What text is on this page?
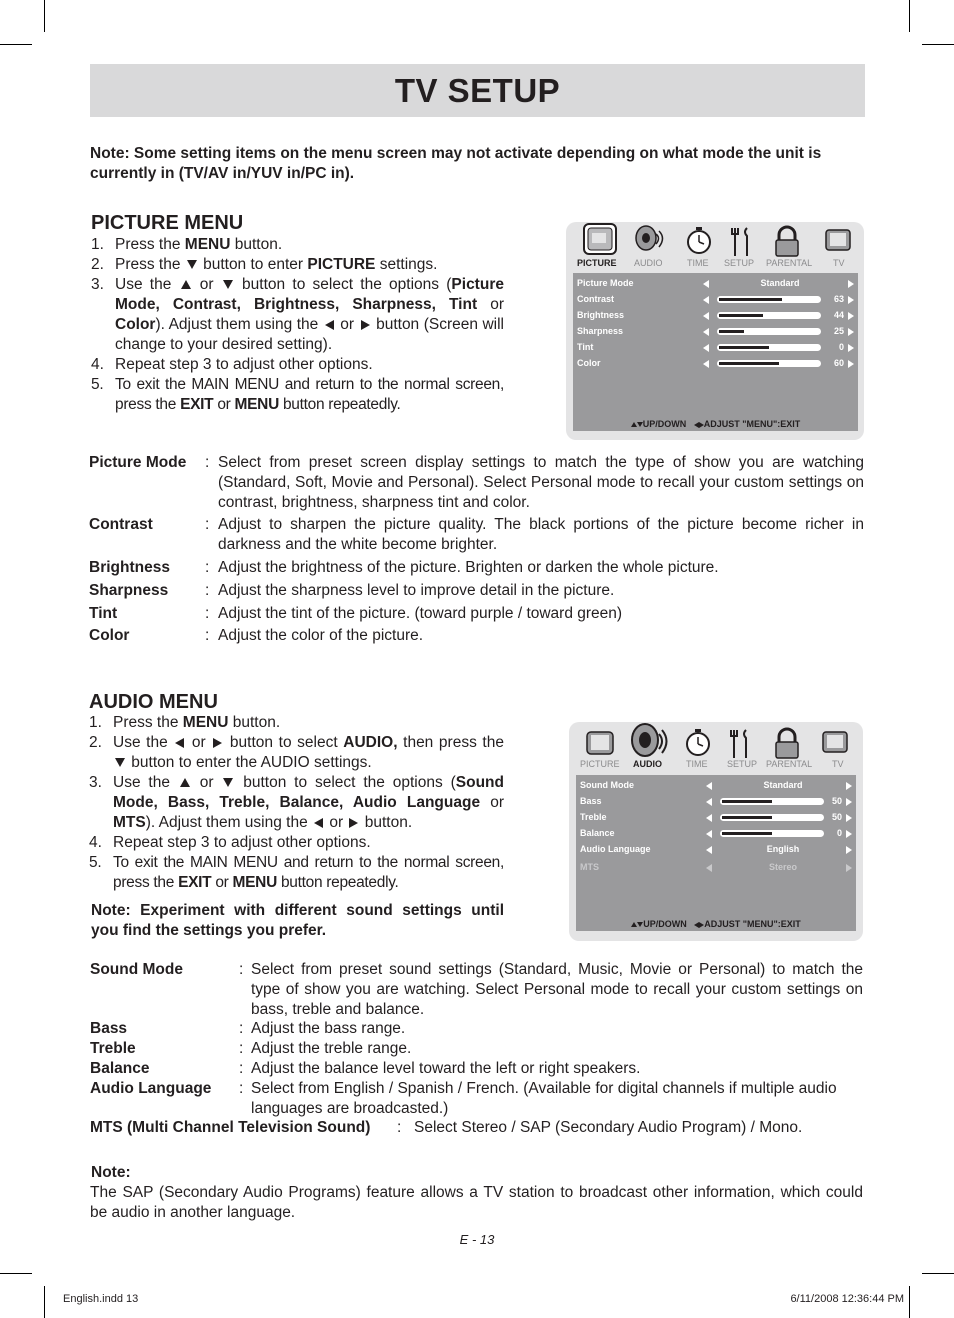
TV SETUP
Note: Some setting items on the menu screen may not activate depending on what mode the unit is currently in (TV/AV in/YUV in/PC in).
PICTURE MENU
1. Press the MENU button.
2. Press the  button to enter PICTURE settings.
3. Use the  or  button to select the options (Picture Mode, Contrast, Brightness, Sharpness, Tint or Color). Adjust them using the  or  button (Screen will change to your desired setting).
4. Repeat step 3 to adjust other options.
5. To exit the MAIN MENU and return to the normal screen, press the EXIT or MENU button repeatedly.
PICTURE AUDIO	TIME SETUP PARENTAL TV
Picture Mode	Standard
Contrast	63
Brightness	44
Sharpness	25
Tint	0
Color	60
UP/DOWN ADJUST "MENU":EXIT
Picture Mode : Select from preset screen display settings to match the type of show you are watching (Standard, Soft, Movie and Personal). Select Personal mode to recall your custom settings on contrast, brightness, sharpness tint and color.
Contrast	: Adjust to sharpen the picture quality. The black portions of the picture become richer in darkness and the white become brighter.
Brightness : Adjust the brightness of the picture. Brighten or darken the whole picture.
Sharpness : Adjust the sharpness level to improve detail in the picture.
Tint	: Adjust the tint of the picture. (toward purple / toward green)
Color	: Adjust the color of the picture.
AUDIO MENU
1. Press the MENU button.
2. Use the  or  button to select AUDIO, then press the  button to enter the AUDIO settings.
3. Use the  or  button to select the options (Sound Mode, Bass, Treble, Balance, Audio Language or MTS). Adjust them using the  or  button.
4. Repeat step 3 to adjust other options.
5. To exit the MAIN MENU and return to the normal screen, press the EXIT or MENU button repeatedly.
Note: Experiment with different sound settings until you find the settings you prefer.
PICTURE AUDIO	TIME SETUP PARENTAL TV
Sound Mode	Standard
Bass	50
Treble	50
Balance	0
Audio Language	English
MTS	Stereo
UP/DOWN ADJUST "MENU":EXIT
Sound Mode	: Select from preset sound settings (Standard, Music, Movie or Personal) to match the type of show you are watching. Select Personal mode to recall your custom settings on bass, treble and balance.
Bass	: Adjust the bass range.
Treble	: Adjust the treble range.
Balance	: Adjust the balance level toward the left or right speakers.
Audio Language : Select from English / Spanish / French. (Available for digital channels if multiple audio languages are broadcasted.)
MTS (Multi Channel Television Sound) : Select Stereo / SAP (Secondary Audio Program) / Mono.
Note:
The SAP (Secondary Audio Programs) feature allows a TV station to broadcast other information, which could be audio in another language.
E - 13
English.indd 13	6/11/2008 12:36:44 PM
